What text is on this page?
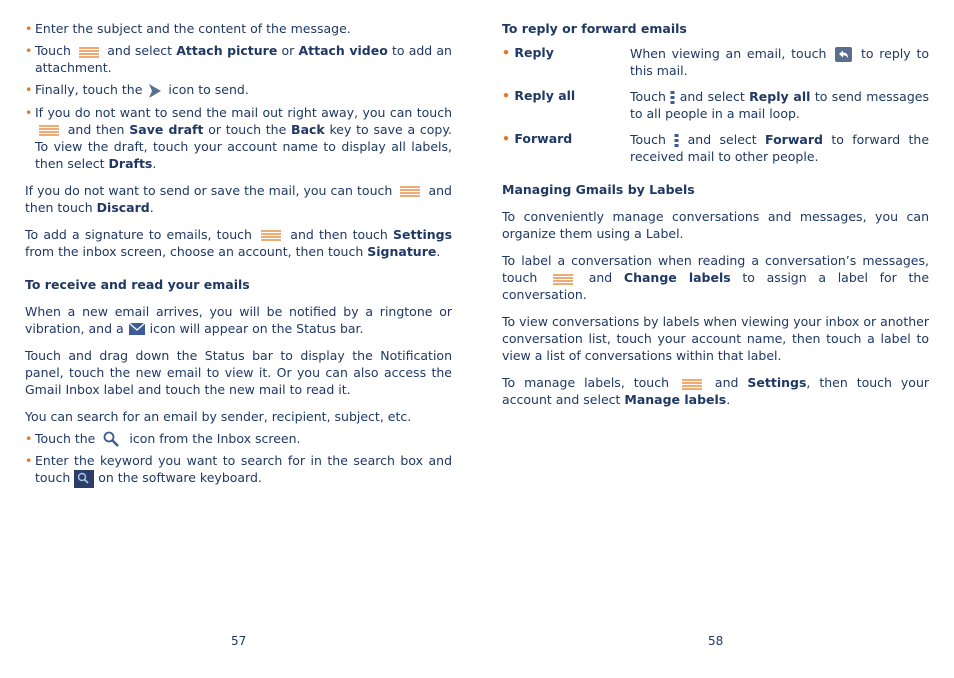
• Enter the subject and the content of the message.

• Touch	and select Attach picture or Attach video to add an attachment.

• Finally, touch the icon to send.

• If you do not want to send the mail out right away, you can touch  and then Save draft or touch the Back key to save a copy. To view the draft, touch your account name to display all labels, then select Drafts.

If you do not want to send or save the mail, you can touch	and then touch Discard.

To add a signature to emails, touch	and then touch Settings from the inbox screen, choose an account, then touch Signature.

To receive and read your emails

When a new email arrives, you will be notified by a ringtone or vibration, and a icon will appear on the Status bar.

Touch and drag down the Status bar to display the Notification panel, touch the new email to view it. Or you can also access the Gmail Inbox label and touch the new mail to read it.

You can search for an email by sender, recipient, subject, etc.

• Touch the	icon from the Inbox screen.

• Enter the keyword you want to search for in the search box and touch on the software keyboard.

57

To reply or forward emails

• Reply	When viewing an email, touch	to reply to this mail.

• Reply all	Touch and select Reply all to send messages to all people in a mail loop.

• Forward	Touch and select Forward to forward the received mail to other people.

Managing Gmails by Labels

To conveniently manage conversations and messages, you can organize them using a Label.

To label a conversation when reading a conversation’s messages, touch	and Change labels to assign a label for the conversation.

To view conversations by labels when viewing your inbox or another conversation list, touch your account name, then touch a label to view a list of conversations within that label.

To manage labels, touch	and Settings, then touch your account and select Manage labels.

58
